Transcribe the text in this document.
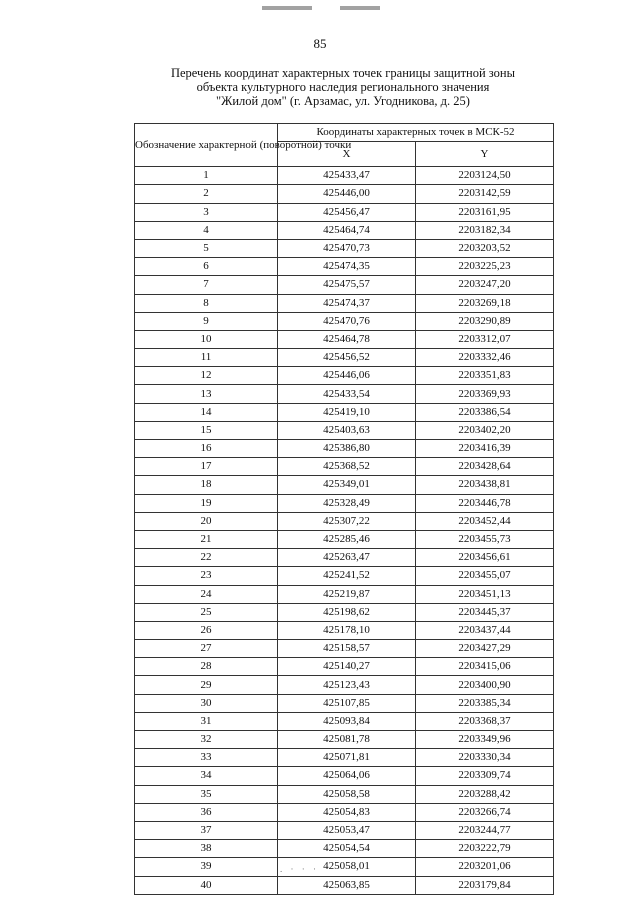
85
Перечень координат характерных точек границы защитной зоны
объекта культурного наследия регионального значения
"Жилой дом" (г. Арзамас, ул. Угодникова, д. 25)
Обозначение характерной (поворотной) точки	Координаты характерных точек в МСК-52	
	X	Y
1	425433,47	2203124,50
2	425446,00	2203142,59
3	425456,47	2203161,95
4	425464,74	2203182,34
5	425470,73	2203203,52
6	425474,35	2203225,23
7	425475,57	2203247,20
8	425474,37	2203269,18
9	425470,76	2203290,89
10	425464,78	2203312,07
11	425456,52	2203332,46
12	425446,06	2203351,83
13	425433,54	2203369,93
14	425419,10	2203386,54
15	425403,63	2203402,20
16	425386,80	2203416,39
17	425368,52	2203428,64
18	425349,01	2203438,81
19	425328,49	2203446,78
20	425307,22	2203452,44
21	425285,46	2203455,73
22	425263,47	2203456,61
23	425241,52	2203455,07
24	425219,87	2203451,13
25	425198,62	2203445,37
26	425178,10	2203437,44
27	425158,57	2203427,29
28	425140,27	2203415,06
29	425123,43	2203400,90
30	425107,85	2203385,34
31	425093,84	2203368,37
32	425081,78	2203349,96
33	425071,81	2203330,34
34	425064,06	2203309,74
35	425058,58	2203288,42
36	425054,83	2203266,74
37	425053,47	2203244,77
38	425054,54	2203222,79
39	425058,01	2203201,06
40	425063,85	2203179,84
. · · ·
